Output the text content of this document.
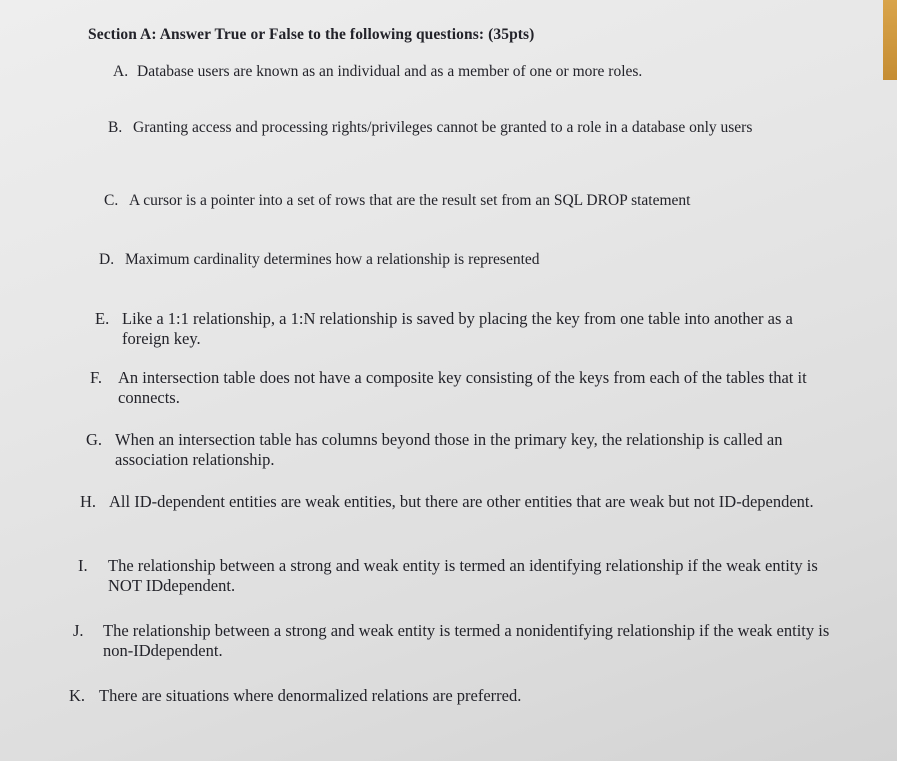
Section A: Answer True or False to the following questions: (35pts)
A. Database users are known as an individual and as a member of one or more roles.
B. Granting access and processing rights/privileges cannot be granted to a role in a database only users
C. A cursor is a pointer into a set of rows that are the result set from an SQL DROP statement
D. Maximum cardinality determines how a relationship is represented
E. Like a 1:1 relationship, a 1:N relationship is saved by placing the key from one table into another as a foreign key.
F. An intersection table does not have a composite key consisting of the keys from each of the tables that it connects.
G. When an intersection table has columns beyond those in the primary key, the relationship is called an association relationship.
H. All ID-dependent entities are weak entities, but there are other entities that are weak but not ID-dependent.
I. The relationship between a strong and weak entity is termed an identifying relationship if the weak entity is NOT IDdependent.
J. The relationship between a strong and weak entity is termed a nonidentifying relationship if the weak entity is non-IDdependent.
K. There are situations where denormalized relations are preferred.
